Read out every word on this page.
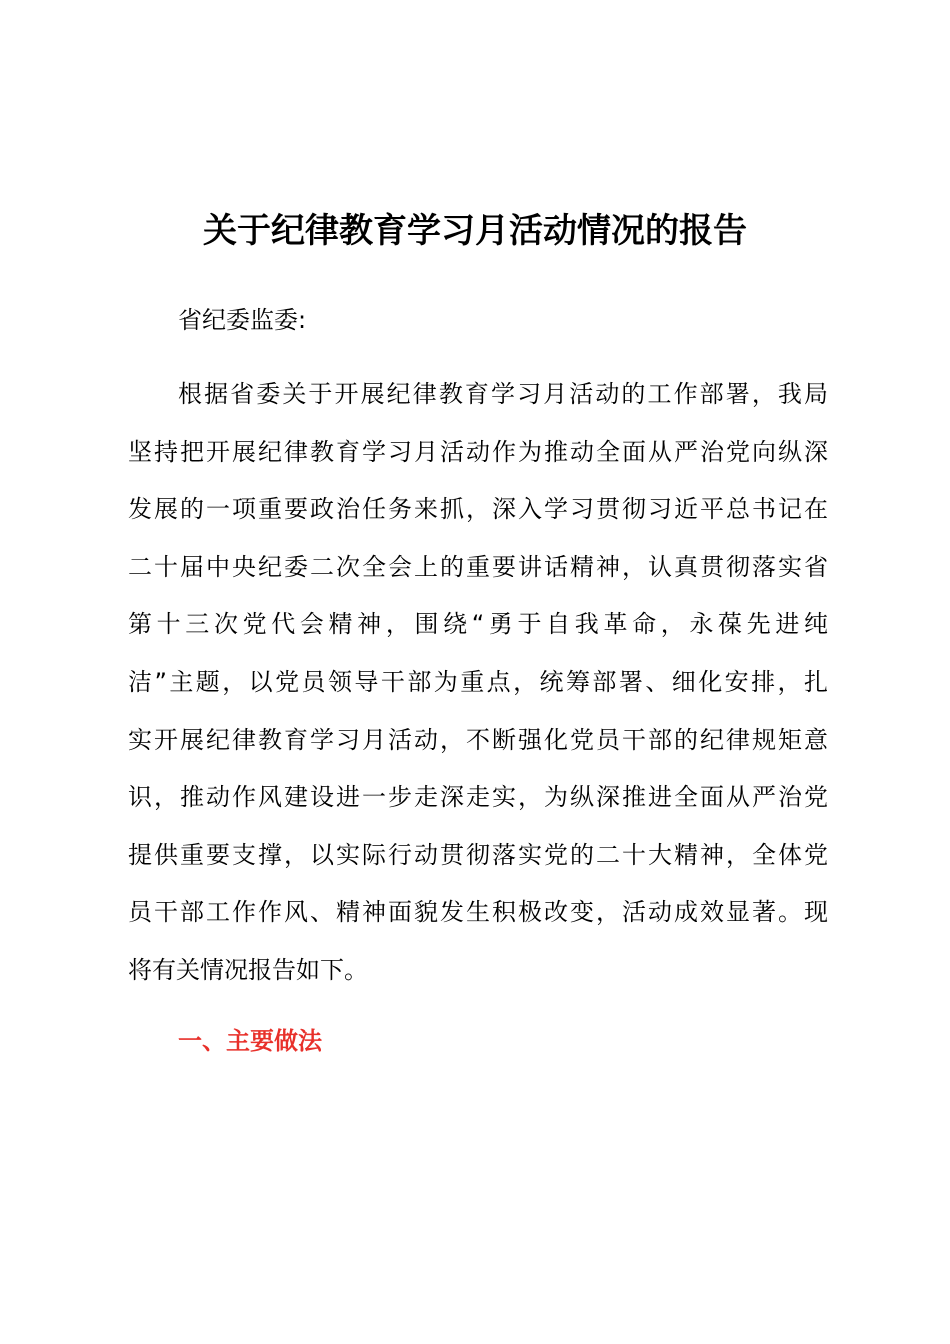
关于纪律教育学习月活动情况的报告
省纪委监委:
根据省委关于开展纪律教育学习月活动的工作部署，我局
坚持把开展纪律教育学习月活动作为推动全面从严治党向纵深
发展的一项重要政治任务来抓，深入学习贯彻习近平总书记在
二十届中央纪委二次全会上的重要讲话精神，认真贯彻落实省
第十三次党代会精神，围绕“勇于自我革命，永葆先进纯
洁”主题，以党员领导干部为重点，统筹部署、细化安排，扎
实开展纪律教育学习月活动，不断强化党员干部的纪律规矩意
识，推动作风建设进一步走深走实，为纵深推进全面从严治党
提供重要支撑，以实际行动贯彻落实党的二十大精神，全体党
员干部工作作风、精神面貌发生积极改变，活动成效显著。现
将有关情况报告如下。
一、主要做法
